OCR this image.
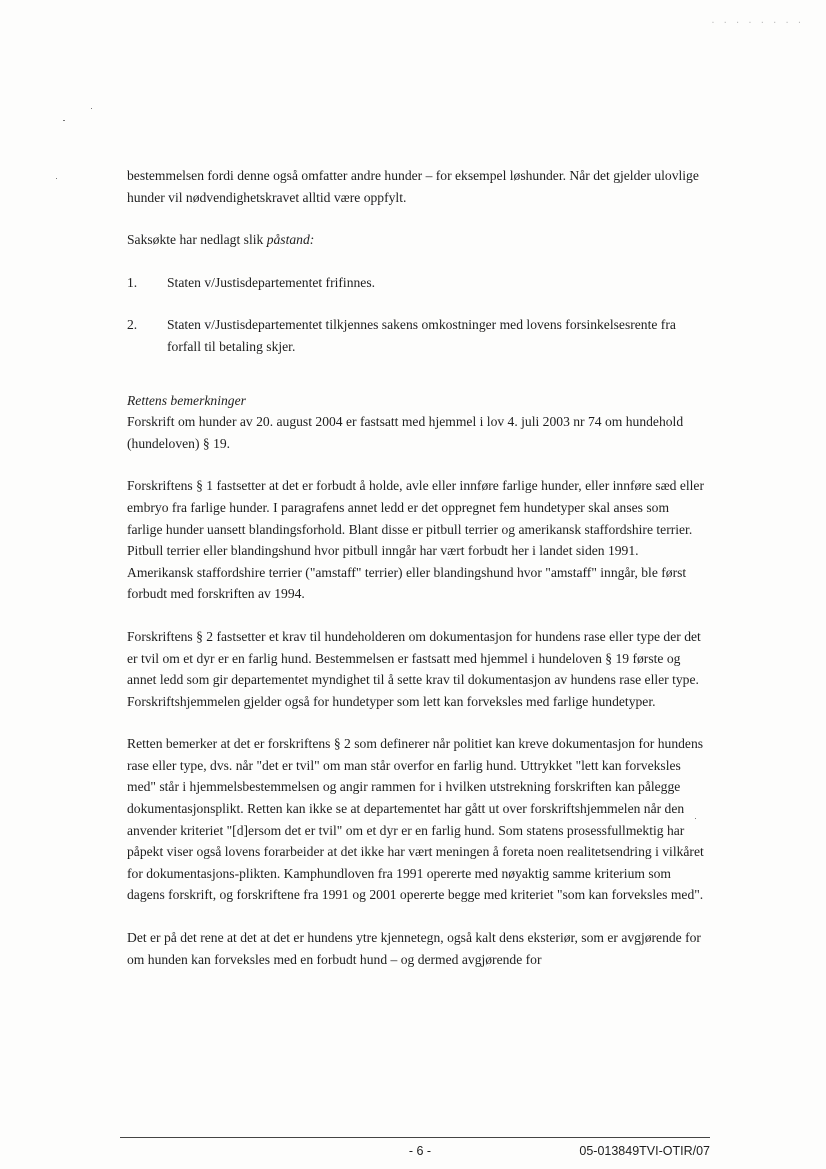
· · · · · · · ·

bestemmelsen fordi denne også omfatter andre hunder – for eksempel løshunder. Når det gjelder ulovlige hunder vil nødvendighetskravet alltid være oppfylt.

Saksøkte har nedlagt slik påstand:

1. Staten v/Justisdepartementet frifinnes.
2. Staten v/Justisdepartementet tilkjennes sakens omkostninger med lovens forsinkelsesrente fra forfall til betaling skjer.

Rettens bemerkninger

Forskrift om hunder av 20. august 2004 er fastsatt med hjemmel i lov 4. juli 2003 nr 74 om hundehold (hundeloven) § 19.

Forskriftens § 1 fastsetter at det er forbudt å holde, avle eller innføre farlige hunder, eller innføre sæd eller embryo fra farlige hunder. I paragrafens annet ledd er det oppregnet fem hundetyper skal anses som farlige hunder uansett blandingsforhold. Blant disse er pitbull terrier og amerikansk staffordshire terrier. Pitbull terrier eller blandingshund hvor pitbull inngår har vært forbudt her i landet siden 1991. Amerikansk staffordshire terrier ("amstaff" terrier) eller blandingshund hvor "amstaff" inngår, ble først forbudt med forskriften av 1994.

Forskriftens § 2 fastsetter et krav til hundeholderen om dokumentasjon for hundens rase eller type der det er tvil om et dyr er en farlig hund. Bestemmelsen er fastsatt med hjemmel i hundeloven § 19 første og annet ledd som gir departementet myndighet til å sette krav til dokumentasjon av hundens rase eller type. Forskriftshjemmelen gjelder også for hundetyper som lett kan forveksles med farlige hundetyper.

Retten bemerker at det er forskriftens § 2 som definerer når politiet kan kreve dokumentasjon for hundens rase eller type, dvs. når "det er tvil" om man står overfor en farlig hund. Uttrykket "lett kan forveksles med" står i hjemmelsbestemmelsen og angir rammen for i hvilken utstrekning forskriften kan pålegge dokumentasjonsplikt. Retten kan ikke se at departementet har gått ut over forskriftshjemmelen når den anvender kriteriet "[d]ersom det er tvil" om et dyr er en farlig hund. Som statens prosessfullmektig har påpekt viser også lovens forarbeider at det ikke har vært meningen å foreta noen realitetsendring i vilkåret for dokumentasjons-plikten. Kamphundloven fra 1991 opererte med nøyaktig samme kriterium som dagens forskrift, og forskriftene fra 1991 og 2001 opererte begge med kriteriet "som kan forveksles med".

Det er på det rene at det at det er hundens ytre kjennetegn, også kalt dens eksteriør, som er avgjørende for om hunden kan forveksles med en forbudt hund – og dermed avgjørende for

- 6 -	05-013849TVI-OTIR/07
